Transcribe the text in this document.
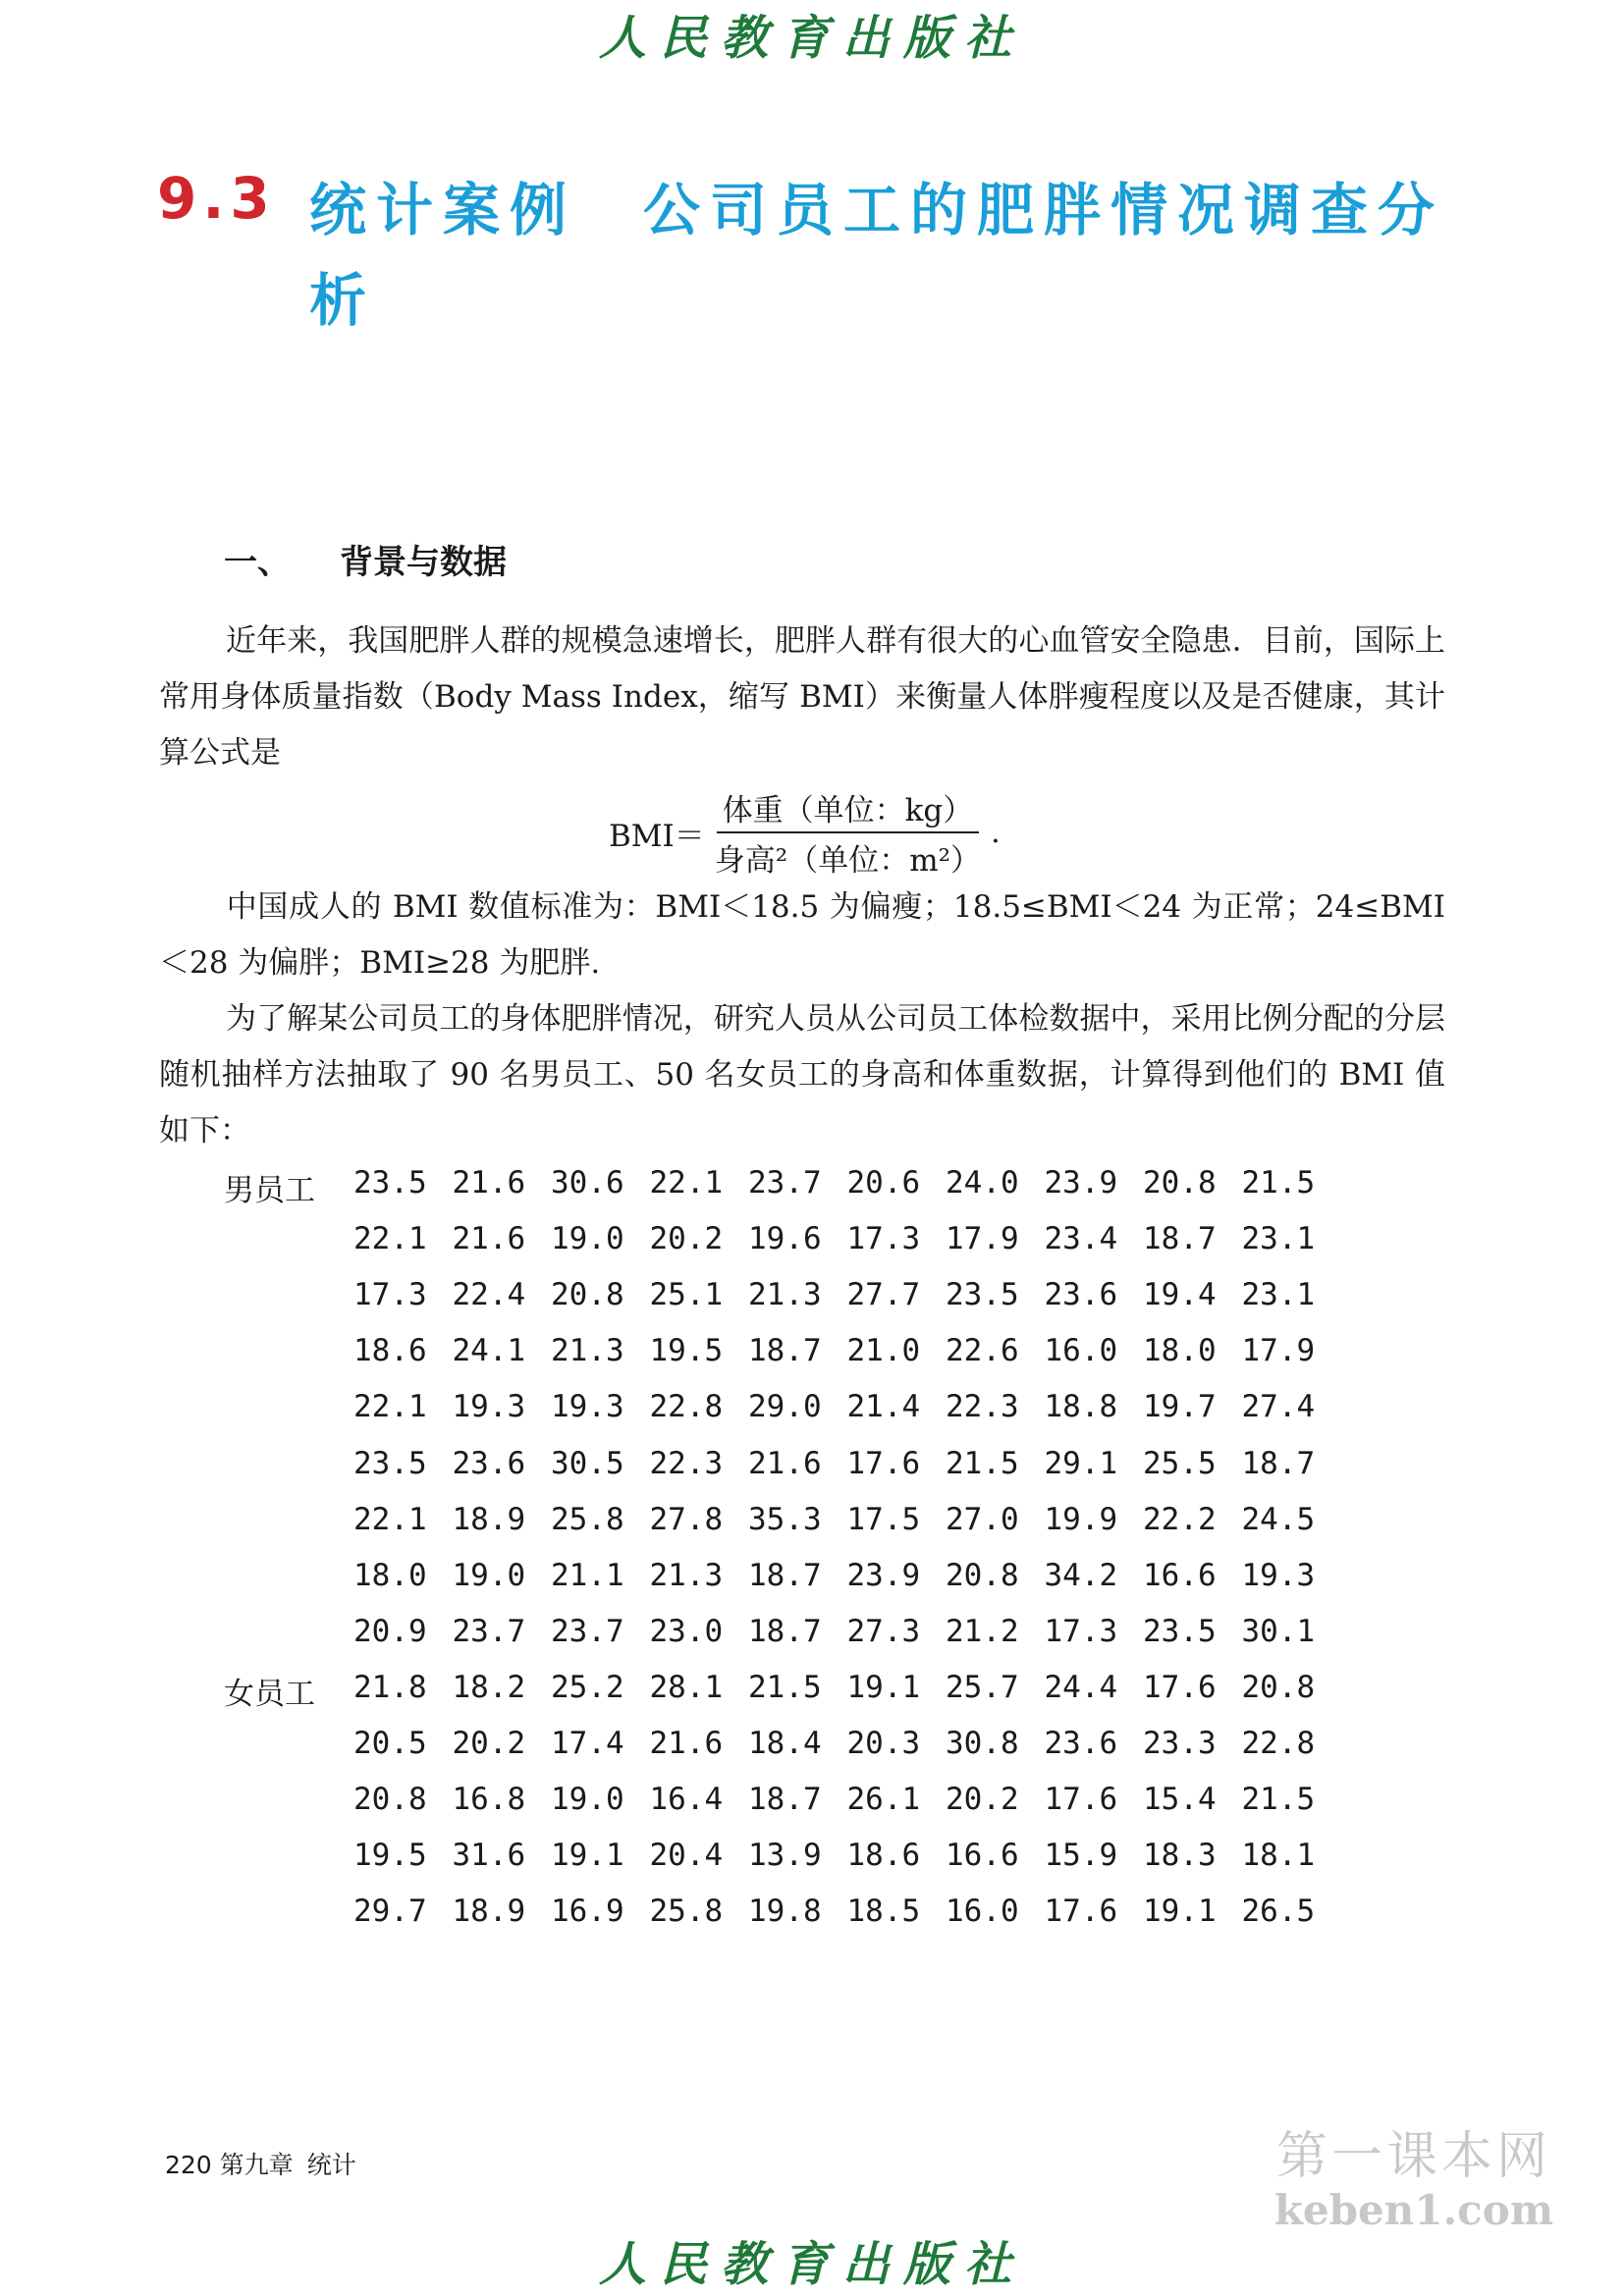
人民教育出版社
9.3 统计案例　公司员工的肥胖情况调查分析
一、 背景与数据
近年来，我国肥胖人群的规模急速增长，肥胖人群有很大的心血管安全隐患．目前，国际上常用身体质量指数（Body Mass Index，缩写 BMI）来衡量人体胖瘦程度以及是否健康，其计算公式是
$BMI= \frac{\text{体重（单位：kg）}}{\text{身高²（单位：m²）}}$ .
中国成人的 BMI 数值标准为：BMI＜18.5 为偏瘦；18.5≤BMI＜24 为正常；24≤BMI＜28 为偏胖；BMI≥28 为肥胖.
为了解某公司员工的身体肥胖情况，研究人员从公司员工体检数据中，采用比例分配的分层随机抽样方法抽取了 90 名男员工、50 名女员工的身高和体重数据，计算得到他们的 BMI 值如下：
男员工
女员工
23.5 21.6 30.6 22.1 23.7 20.6 24.0 23.9 20.8 21.5
22.1 21.6 19.0 20.2 19.6 17.3 17.9 23.4 18.7 23.1
17.3 22.4 20.8 25.1 21.3 27.7 23.5 23.6 19.4 23.1
18.6 24.1 21.3 19.5 18.7 21.0 22.6 16.0 18.0 17.9
22.1 19.3 19.3 22.8 29.0 21.4 22.3 18.8 19.7 27.4
23.5 23.6 30.5 22.3 21.6 17.6 21.5 29.1 25.5 18.7
22.1 18.9 25.8 27.8 35.3 17.5 27.0 19.9 22.2 24.5
18.0 19.0 21.1 21.3 18.7 23.9 20.8 34.2 16.6 19.3
20.9 23.7 23.7 23.0 18.7 27.3 21.2 17.3 23.5 30.1
21.8 18.2 25.2 28.1 21.5 19.1 25.7 24.4 17.6 20.8
20.5 20.2 17.4 21.6 18.4 20.3 30.8 23.6 23.3 22.8
20.8 16.8 19.0 16.4 18.7 26.1 20.2 17.6 15.4 21.5
19.5 31.6 19.1 20.4 13.9 18.6 16.6 15.9 18.3 18.1
29.7 18.9 16.9 25.8 19.8 18.5 16.0 17.6 19.1 26.5
220 第九章 统计	第一课本网
keben1.com
人民教育出版社
